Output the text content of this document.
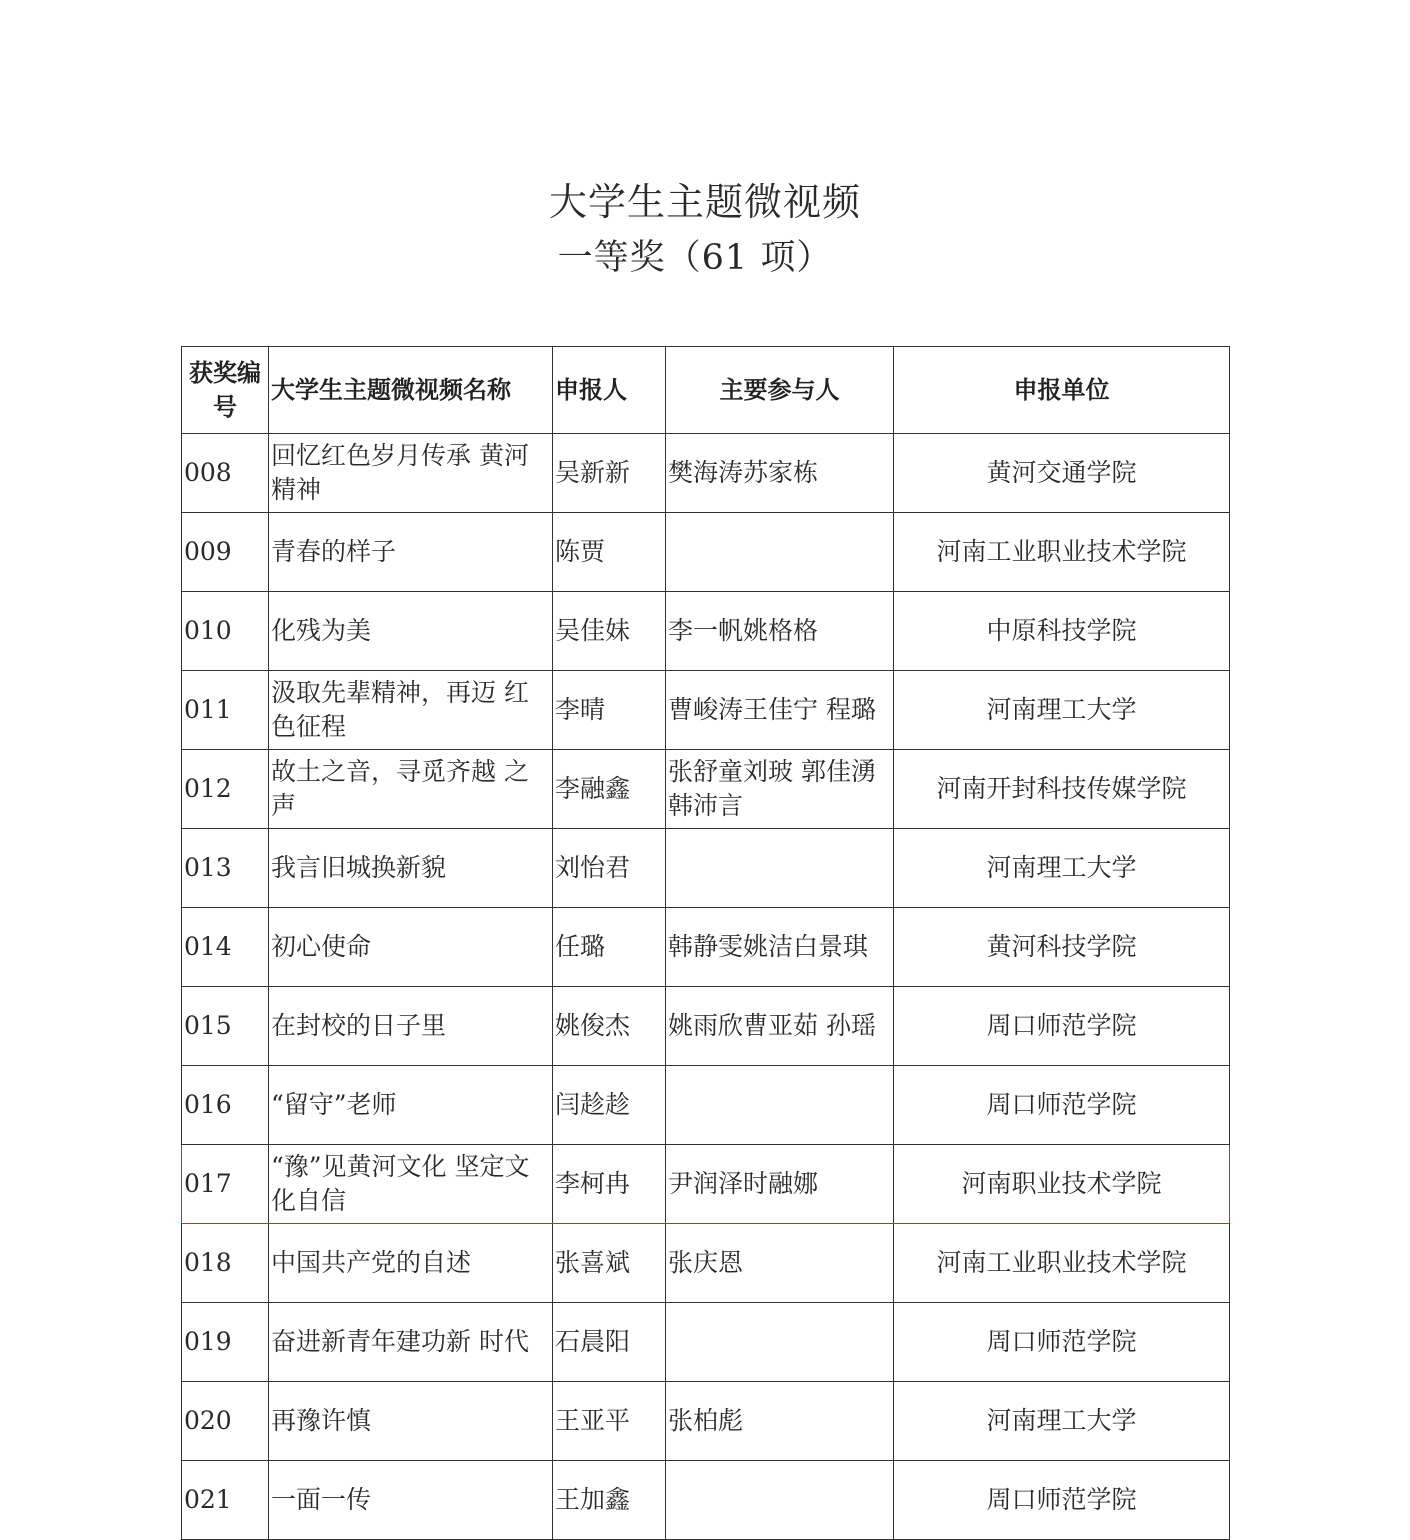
大学生主题微视频
一等奖（61 项）
获奖编号	大学生主题微视频名称	申报人	主要参与人	申报单位
008	回忆红色岁月传承 黄河精神	吴新新	樊海涛苏家栋	黄河交通学院
009	青春的样子	陈贾		河南工业职业技术学院
010	化残为美	吴佳妹	李一帆姚格格	中原科技学院
011	汲取先辈精神，再迈 红色征程	李晴	曹峻涛王佳宁 程璐	河南理工大学
012	故土之音，寻觅齐越 之声	李融鑫	张舒童刘玻 郭佳湧韩沛言	河南开封科技传媒学院
013	我言旧城换新貌	刘怡君		河南理工大学
014	初心使命	任璐	韩静雯姚洁白景琪	黄河科技学院
015	在封校的日子里	姚俊杰	姚雨欣曹亚茹 孙瑶	周口师范学院
016	“留守”老师	闫趁趁		周口师范学院
017	“豫”见黄河文化 坚定文化自信	李柯冉	尹润泽时融娜	河南职业技术学院
018	中国共产党的自述	张喜斌	张庆恩	河南工业职业技术学院
019	奋进新青年建功新 时代	石晨阳		周口师范学院
020	再豫许慎	王亚平	张柏彪	河南理工大学
021	一面一传	王加鑫		周口师范学院
